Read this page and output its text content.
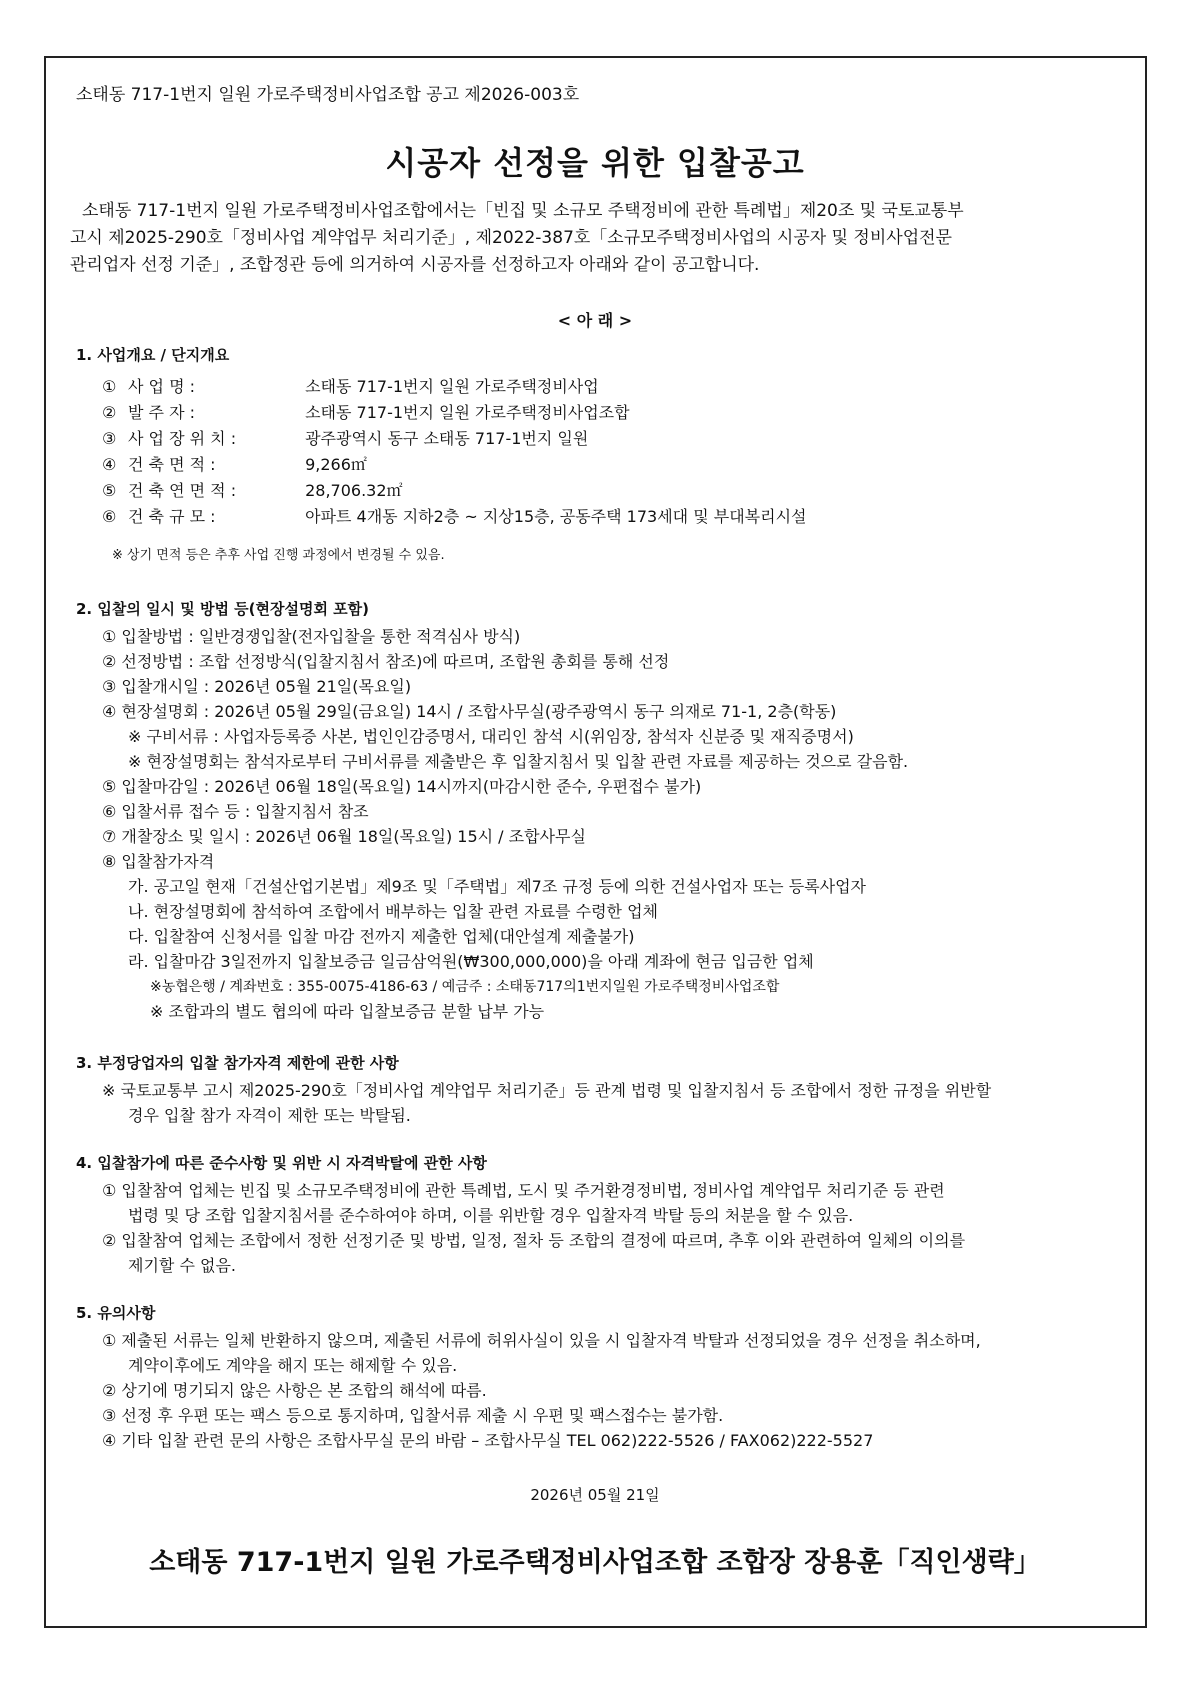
소태동 717-1번지 일원 가로주택정비사업조합 공고 제2026-003호
시공자 선정을 위한 입찰공고
소태동 717-1번지 일원 가로주택정비사업조합에서는「빈집 및 소규모 주택정비에 관한 특례법」제20조 및 국토교통부
고시 제2025-290호「정비사업 계약업무 처리기준」, 제2022-387호「소규모주택정비사업의 시공자 및 정비사업전문
관리업자 선정 기준」, 조합정관 등에 의거하여 시공자를 선정하고자 아래와 같이 공고합니다.
< 아 래 >
1. 사업개요 / 단지개요
① 사 업 명 :	소태동 717-1번지 일원 가로주택정비사업
② 발 주 자 :	소태동 717-1번지 일원 가로주택정비사업조합
③ 사 업 장 위 치 :	광주광역시 동구 소태동 717-1번지 일원
④ 건 축 면 적 :	9,266㎡
⑤ 건 축 연 면 적 :	28,706.32㎡
⑥ 건 축 규 모 :	아파트 4개동 지하2층 ~ 지상15층, 공동주택 173세대 및 부대복리시설
※ 상기 면적 등은 추후 사업 진행 과정에서 변경될 수 있음.
2. 입찰의 일시 및 방법 등(현장설명회 포함)
① 입찰방법 : 일반경쟁입찰(전자입찰을 통한 적격심사 방식)
② 선정방법 : 조합 선정방식(입찰지침서 참조)에 따르며, 조합원 총회를 통해 선정
③ 입찰개시일 : 2026년 05월 21일(목요일)
④ 현장설명회 : 2026년 05월 29일(금요일) 14시 / 조합사무실(광주광역시 동구 의재로 71-1, 2층(학동)
※ 구비서류 : 사업자등록증 사본, 법인인감증명서, 대리인 참석 시(위임장, 참석자 신분증 및 재직증명서)
※ 현장설명회는 참석자로부터 구비서류를 제출받은 후 입찰지침서 및 입찰 관련 자료를 제공하는 것으로 갈음함.
⑤ 입찰마감일 : 2026년 06월 18일(목요일) 14시까지(마감시한 준수, 우편접수 불가)
⑥ 입찰서류 접수 등 : 입찰지침서 참조
⑦ 개찰장소 및 일시 : 2026년 06월 18일(목요일) 15시 / 조합사무실
⑧ 입찰참가자격
가. 공고일 현재「건설산업기본법」제9조 및「주택법」제7조 규정 등에 의한 건설사업자 또는 등록사업자
나. 현장설명회에 참석하여 조합에서 배부하는 입찰 관련 자료를 수령한 업체
다. 입찰참여 신청서를 입찰 마감 전까지 제출한 업체(대안설계 제출불가)
라. 입찰마감 3일전까지 입찰보증금 일금삼억원(₩300,000,000)을 아래 계좌에 현금 입금한 업체
※농협은행 / 계좌번호 : 355-0075-4186-63 / 예금주 : 소태동717의1번지일원 가로주택정비사업조합
※ 조합과의 별도 협의에 따라 입찰보증금 분할 납부 가능
3. 부정당업자의 입찰 참가자격 제한에 관한 사항
※ 국토교통부 고시 제2025-290호「정비사업 계약업무 처리기준」등 관계 법령 및 입찰지침서 등 조합에서 정한 규정을 위반할
경우 입찰 참가 자격이 제한 또는 박탈됨.
4. 입찰참가에 따른 준수사항 및 위반 시 자격박탈에 관한 사항
① 입찰참여 업체는 빈집 및 소규모주택정비에 관한 특례법, 도시 및 주거환경정비법, 정비사업 계약업무 처리기준 등 관련
법령 및 당 조합 입찰지침서를 준수하여야 하며, 이를 위반할 경우 입찰자격 박탈 등의 처분을 할 수 있음.
② 입찰참여 업체는 조합에서 정한 선정기준 및 방법, 일정, 절차 등 조합의 결정에 따르며, 추후 이와 관련하여 일체의 이의를
제기할 수 없음.
5. 유의사항
① 제출된 서류는 일체 반환하지 않으며, 제출된 서류에 허위사실이 있을 시 입찰자격 박탈과 선정되었을 경우 선정을 취소하며,
계약이후에도 계약을 해지 또는 해제할 수 있음.
② 상기에 명기되지 않은 사항은 본 조합의 해석에 따름.
③ 선정 후 우편 또는 팩스 등으로 통지하며, 입찰서류 제출 시 우편 및 팩스접수는 불가함.
④ 기타 입찰 관련 문의 사항은 조합사무실 문의 바람 – 조합사무실 TEL 062)222-5526 / FAX062)222-5527
2026년 05월 21일
소태동 717-1번지 일원 가로주택정비사업조합 조합장 장용훈「직인생략」
